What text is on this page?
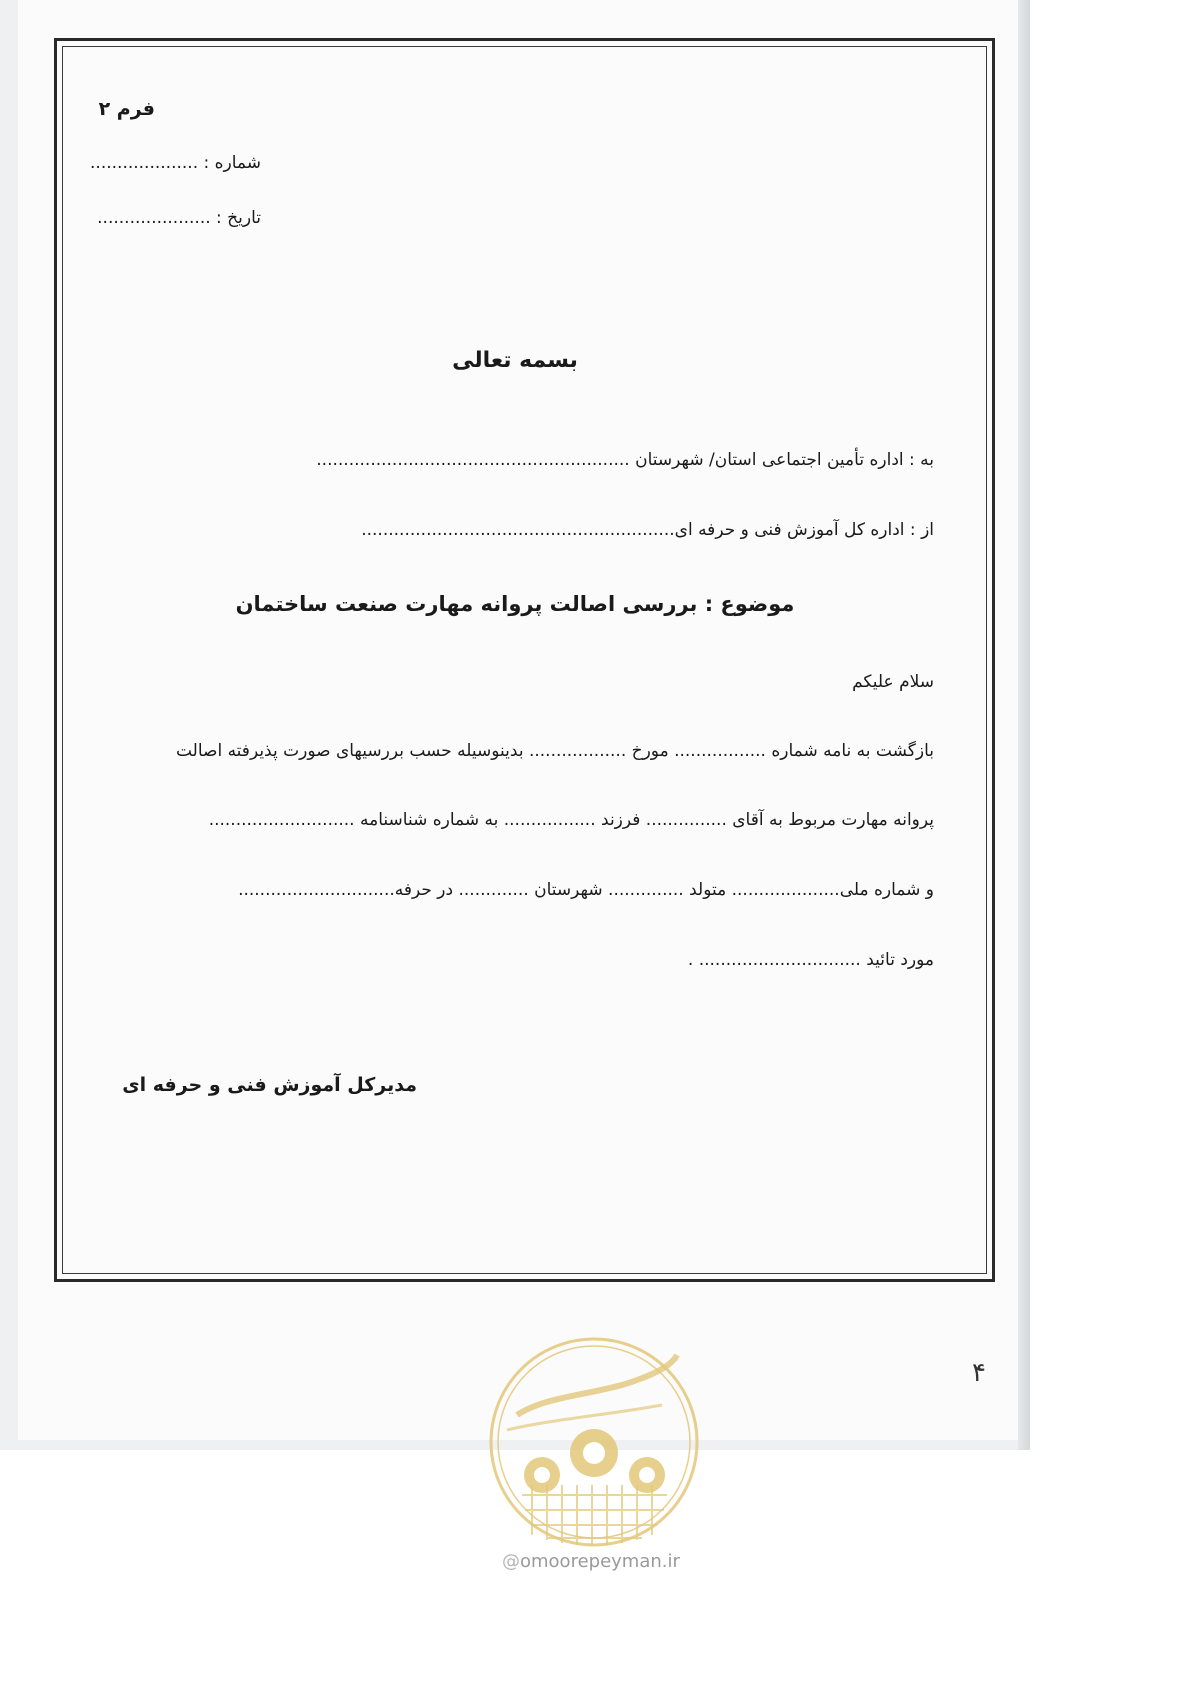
فرم ۲
شماره : ....................
تاریخ : .....................
بسمه تعالی
به : اداره تأمین اجتماعی استان/ شهرستان ..........................................................
از : اداره کل آموزش فنی و حرفه ای..........................................................
موضوع : بررسی اصالت پروانه مهارت صنعت ساختمان
سلام علیکم
بازگشت به نامه شماره ................. مورخ .................. بدینوسیله حسب بررسیهای صورت پذیرفته اصالت
پروانه مهارت مربوط به آقای ............... فرزند ................. به شماره شناسنامه ...........................
و شماره ملی.................... متولد .............. شهرستان ............. در حرفه.............................
مورد تائید .............................. .
مدیرکل آموزش فنی و حرفه ای
۴
@omoorepeyman.ir
